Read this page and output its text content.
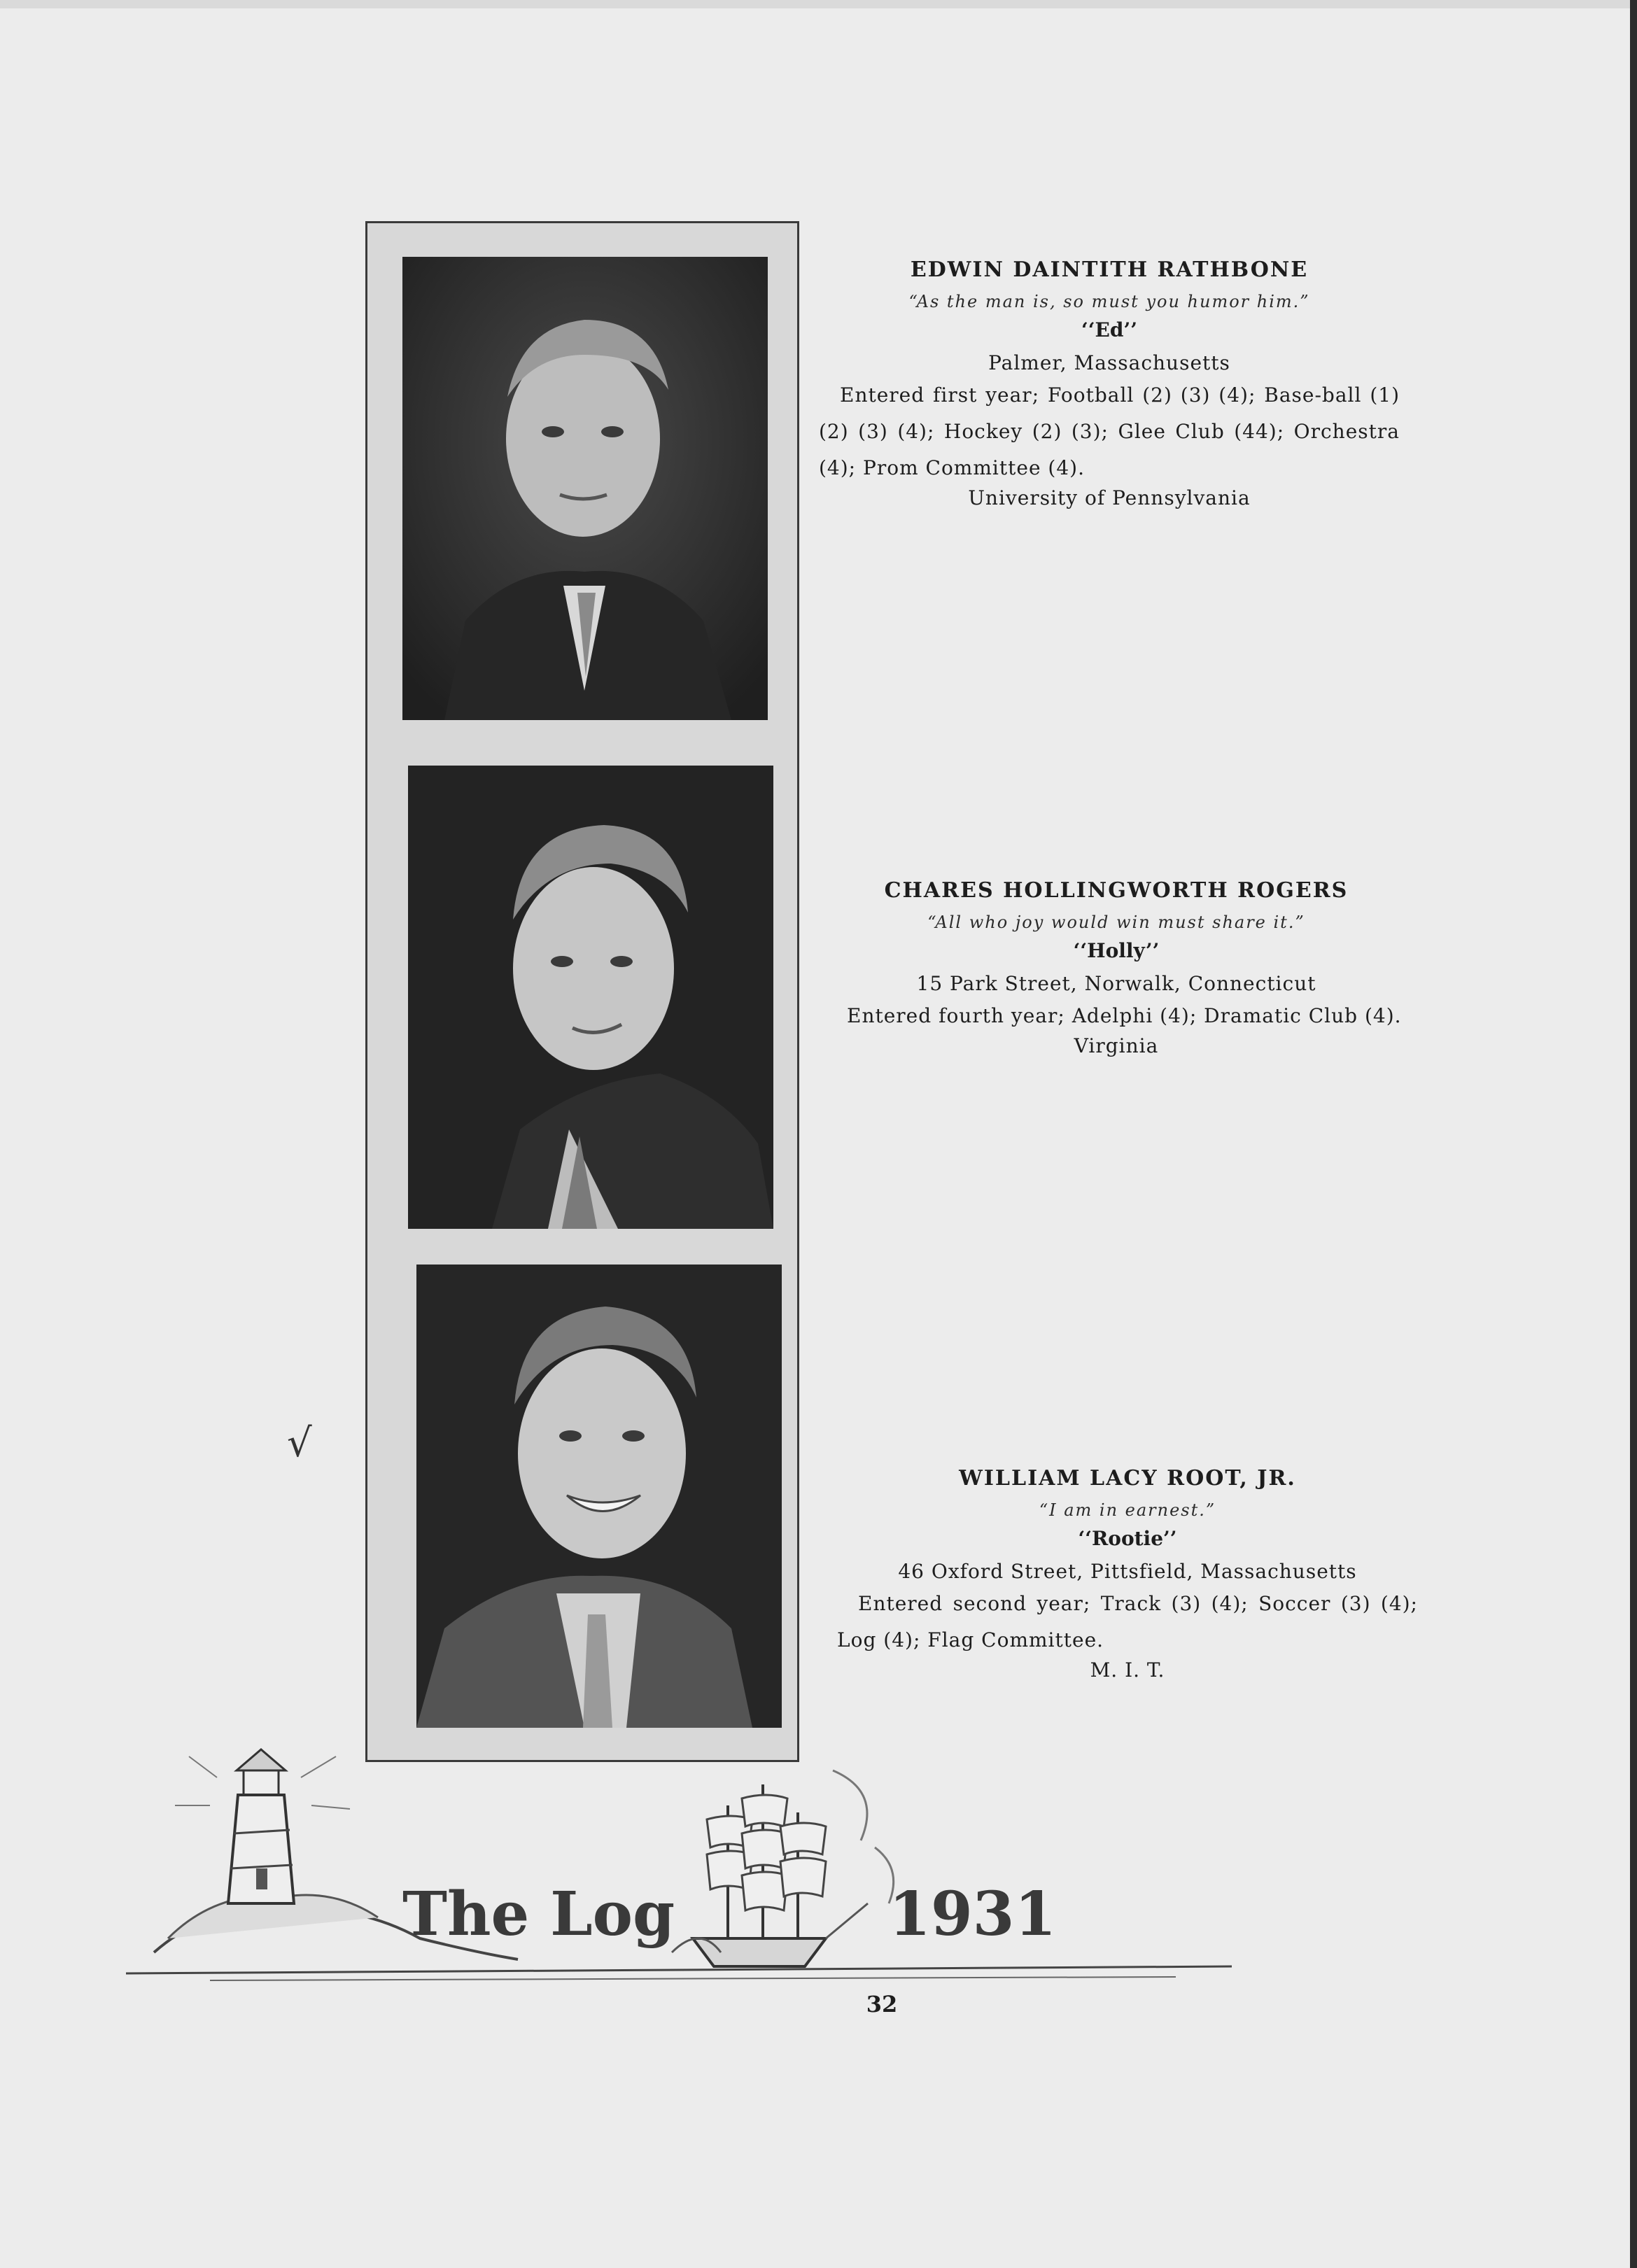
EDWIN DAINTITH RATHBONE
“As the man is, so must you humor him.”
‘‘Ed’’
Palmer, Massachusetts
Entered first year; Football (2) (3) (4); Base-ball (1) (2) (3) (4); Hockey (2) (3); Glee Club (44); Orchestra (4); Prom Committee (4).
University of Pennsylvania
CHARES HOLLINGWORTH ROGERS
“All who joy would win must share it.”
‘‘Holly’’
15 Park Street, Norwalk, Connecticut
Entered fourth year; Adelphi (4); Dramatic Club (4).
Virginia
WILLIAM LACY ROOT, JR.
“I am in earnest.”
‘‘Rootie’’
46 Oxford Street, Pittsfield, Massachusetts
Entered second year; Track (3) (4); Soccer (3) (4); Log (4); Flag Committee.
M. I. T.
√
The Log	1931
32
